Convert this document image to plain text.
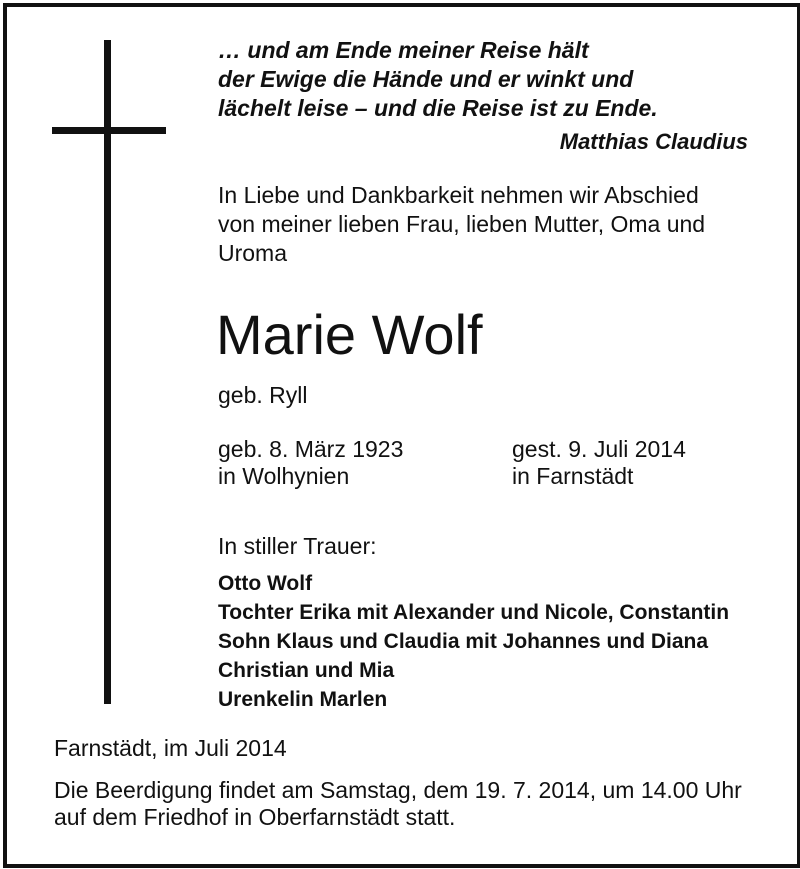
… und am Ende meiner Reise hält
der Ewige die Hände und er winkt und
lächelt leise – und die Reise ist zu Ende.
Matthias Claudius
In Liebe und Dankbarkeit nehmen wir Abschied
von meiner lieben Frau, lieben Mutter, Oma und
Uroma
Marie Wolf
geb. Ryll
geb. 8. März 1923
in Wolhynien
gest. 9. Juli 2014
in Farnstädt
In stiller Trauer:
Otto Wolf
Tochter Erika mit Alexander und Nicole, Constantin
Sohn Klaus und Claudia mit Johannes und Diana
Christian und Mia
Urenkelin Marlen
Farnstädt, im Juli 2014
Die Beerdigung findet am Samstag, dem 19. 7. 2014, um 14.00 Uhr
auf dem Friedhof in Oberfarnstädt statt.
